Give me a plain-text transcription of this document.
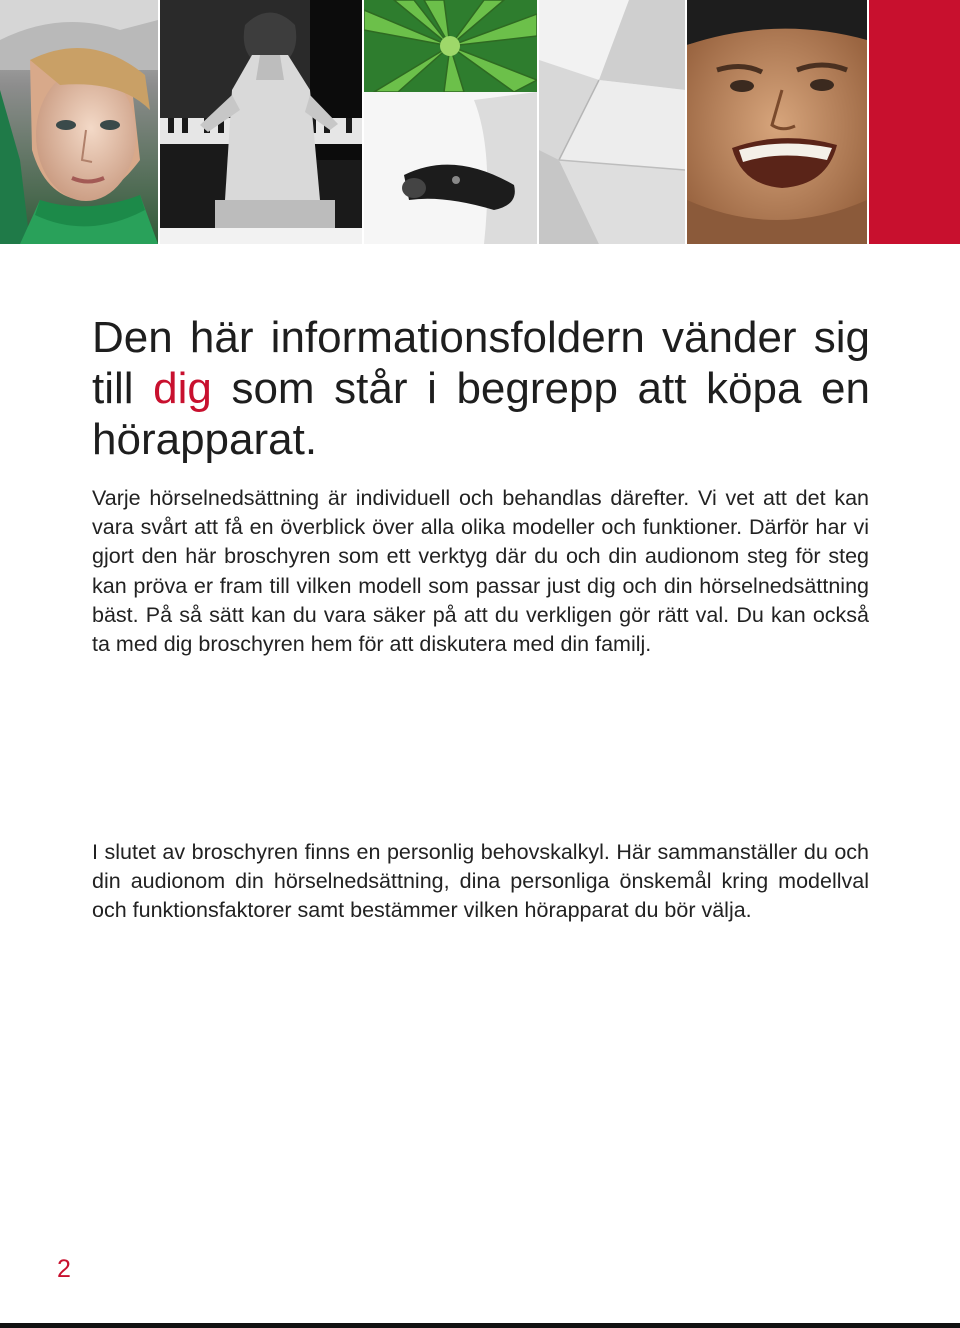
Den här informationsfoldern vänder sig till dig som står i begrepp att köpa en hörapparat.

Varje hörselnedsättning är individuell och behandlas därefter. Vi vet att det kan vara svårt att få en överblick över alla olika modeller och funktioner. Därför har vi gjort den här broschyren som ett verktyg där du och din audionom steg för steg kan pröva er fram till vilken modell som passar just dig och din hörselnedsättning bäst. På så sätt kan du vara säker på att du verkligen gör rätt val. Du kan också ta med dig broschyren hem för att diskutera med din familj.

I slutet av broschyren finns en personlig behovskalkyl. Här sammanställer du och din audionom din hörselnedsättning, dina personliga önskemål kring modellval och funktionsfaktorer samt bestämmer vilken hörapparat du bör välja.

2
